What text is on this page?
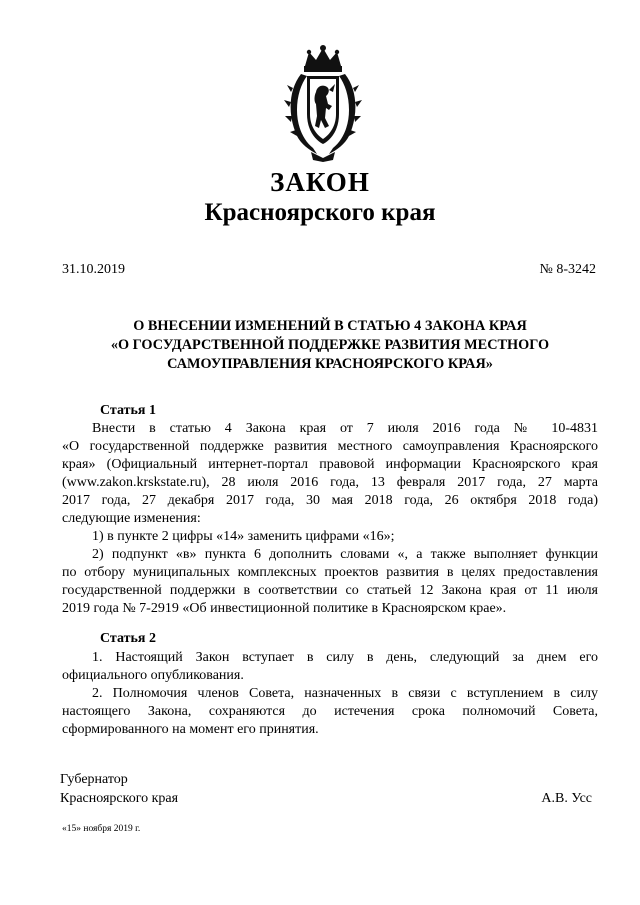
ЗАКОН
Красноярского края
31.10.2019	№ 8-3242
О ВНЕСЕНИИ ИЗМЕНЕНИЙ В СТАТЬЮ 4 ЗАКОНА КРАЯ
«О ГОСУДАРСТВЕННОЙ ПОДДЕРЖКЕ РАЗВИТИЯ МЕСТНОГО
САМОУПРАВЛЕНИЯ КРАСНОЯРСКОГО КРАЯ»
Статья 1
Внести в статью 4 Закона края от 7 июля 2016 года № 10-4831
«О государственной поддержке развития местного самоуправления Красноярского
края» (Официальный интернет-портал правовой информации Красноярского края
(www.zakon.krskstate.ru), 28 июля 2016 года, 13 февраля 2017 года, 27 марта
2017 года, 27 декабря 2017 года, 30 мая 2018 года, 26 октября 2018 года)
следующие изменения:
1) в пункте 2 цифры «14» заменить цифрами «16»;
2) подпункт «в» пункта 6 дополнить словами «, а также выполняет функции
по отбору муниципальных комплексных проектов развития в целях предоставления
государственной поддержки в соответствии со статьей 12 Закона края от 11 июля
2019 года № 7-2919 «Об инвестиционной политике в Красноярском крае».
Статья 2
1. Настоящий Закон вступает в силу в день, следующий за днем его
официального опубликования.
2. Полномочия членов Совета, назначенных в связи с вступлением в силу
настоящего Закона, сохраняются до истечения срока полномочий Совета,
сформированного на момент его принятия.
Губернатор
Красноярского края	А.В. Усс
«15» ноября 2019 г.
